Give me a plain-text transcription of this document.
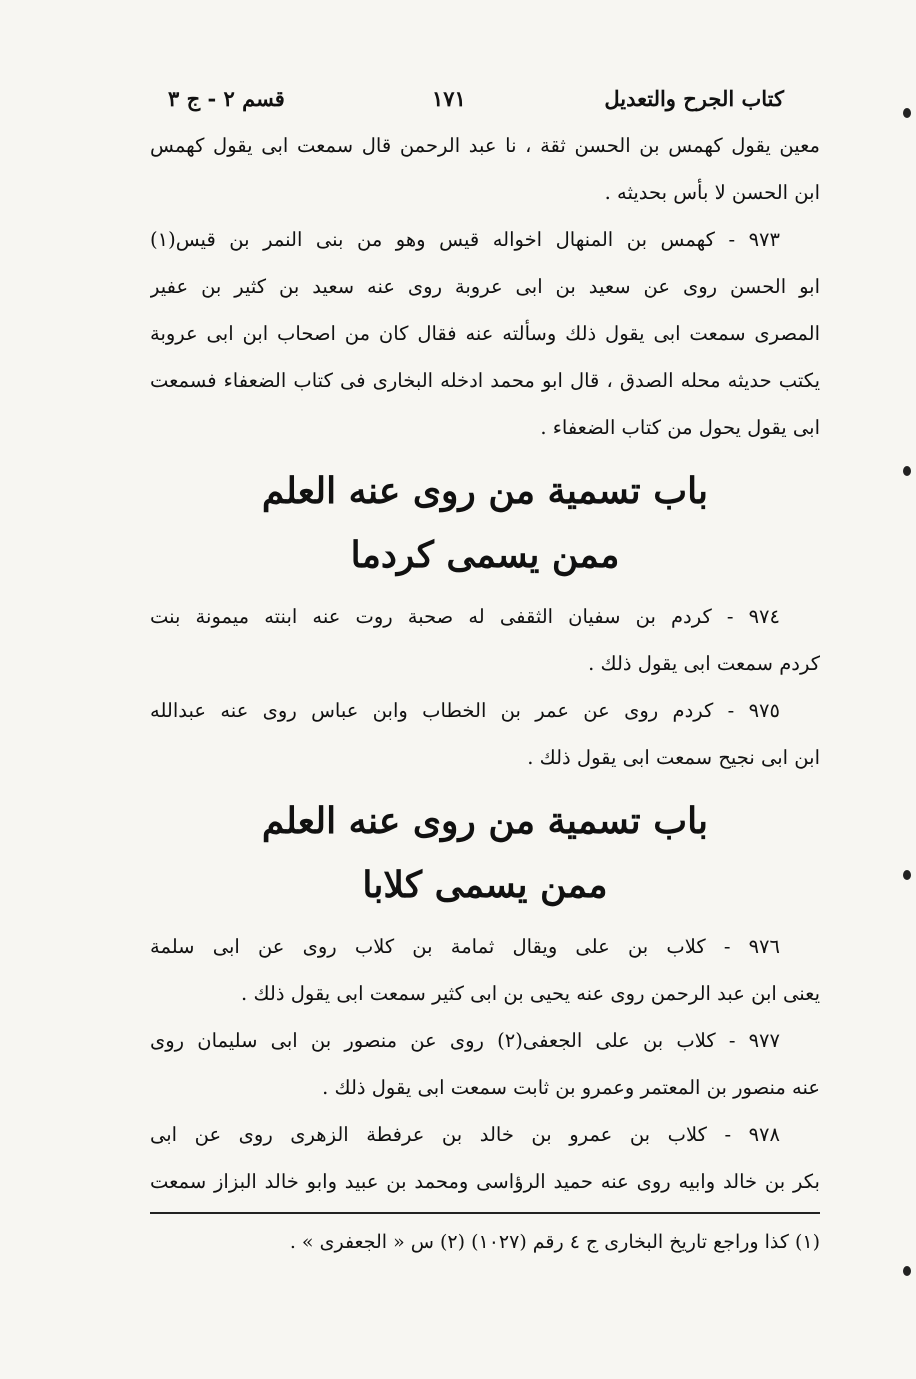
كتاب الجرح والتعديل
١٧١
قسم ٢ - ج ٣

معين يقول كهمس بن الحسن ثقة ، نا عبد الرحمن قال سمعت ابى يقول كهمس
ابن الحسن لا بأس بحديثه .

٩٧٣ - كهمس بن المنهال اخواله قيس وهو من بنى النمر بن قيس(١)
ابو الحسن روى عن سعيد بن ابى عروبة روى عنه سعيد بن كثير بن عفير
المصرى سمعت ابى يقول ذلك وسألته عنه فقال كان من اصحاب ابن ابى عروبة
يكتب حديثه محله الصدق ، قال ابو محمد ادخله البخارى فى كتاب الضعفاء فسمعت
ابى يقول يحول من كتاب الضعفاء .

باب تسمية من روى عنه العلم
ممن يسمى كردما

٩٧٤ - كردم بن سفيان الثقفى له صحبة روت عنه ابنته ميمونة بنت
كردم سمعت ابى يقول ذلك .

٩٧٥ - كردم روى عن عمر بن الخطاب وابن عباس روى عنه عبدالله
ابن ابى نجيح سمعت ابى يقول ذلك .

باب تسمية من روى عنه العلم
ممن يسمى كلابا

٩٧٦ - كلاب بن على ويقال ثمامة بن كلاب روى عن ابى سلمة
يعنى ابن عبد الرحمن روى عنه يحيى بن ابى كثير سمعت ابى يقول ذلك .

٩٧٧ - كلاب بن على الجعفى(٢) روى عن منصور بن ابى سليمان روى
عنه منصور بن المعتمر وعمرو بن ثابت سمعت ابى يقول ذلك .

٩٧٨ - كلاب بن عمرو بن خالد بن عرفطة الزهرى روى عن ابى
بكر بن خالد وابيه روى عنه حميد الرؤاسى ومحمد بن عبيد وابو خالد البزاز سمعت

(١) كذا وراجع تاريخ البخارى ج ٤ رقم (١٠٢٧) (٢) س « الجعفرى » .
